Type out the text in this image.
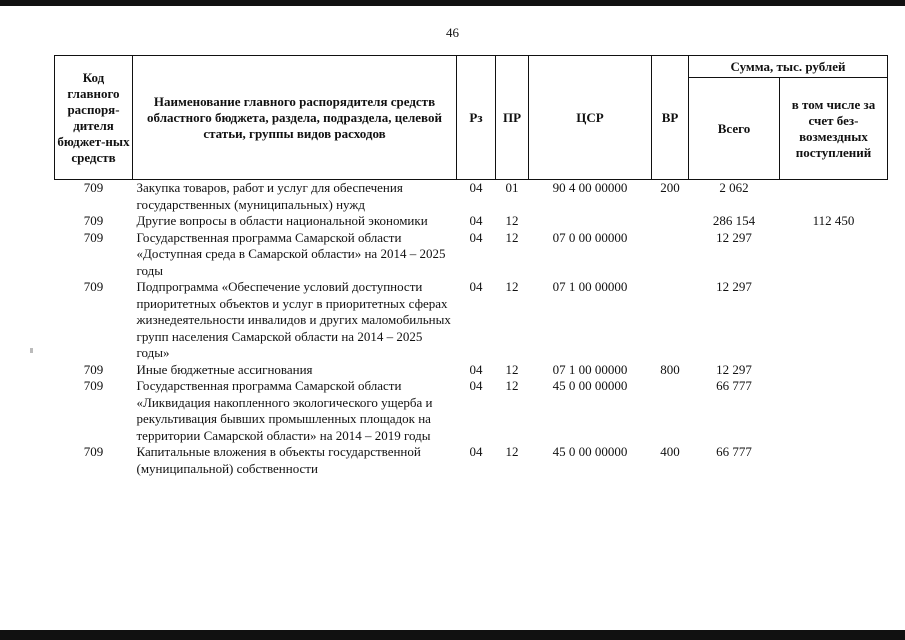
46
Код главного распоря-дителя бюджет-ных средств	Наименование главного распорядителя средств областного бюджета, раздела, подраздела, целевой статьи, группы видов расходов	Рз	ПР	ЦСР	ВР	Сумма, тыс. рублей	
						Всего	в том числе за счет без-возмездных поступлений
709	Закупка товаров, работ и услуг для обеспечения государственных (муниципальных) нужд	04	01	90 4 00 00000	200	2 062	
709	Другие вопросы в области национальной экономики	04	12			286 154	112 450
709	Государственная программа Самарской области «Доступная среда в Самарской области» на 2014 – 2025 годы	04	12	07 0 00 00000		12 297	
709	Подпрограмма «Обеспечение условий доступности приоритетных объектов и услуг в приоритетных сферах жизнедеятельности инвалидов и других маломобильных групп населения Самарской области на 2014 – 2025 годы»	04	12	07 1 00 00000		12 297	
709	Иные бюджетные ассигнования	04	12	07 1 00 00000	800	12 297	
709	Государственная программа Самарской области «Ликвидация накопленного экологического ущерба и рекультивация бывших промышленных площадок на территории Самарской области» на 2014 – 2019 годы	04	12	45 0 00 00000		66 777	
709	Капитальные вложения в объекты государственной (муниципальной) собственности	04	12	45 0 00 00000	400	66 777	
